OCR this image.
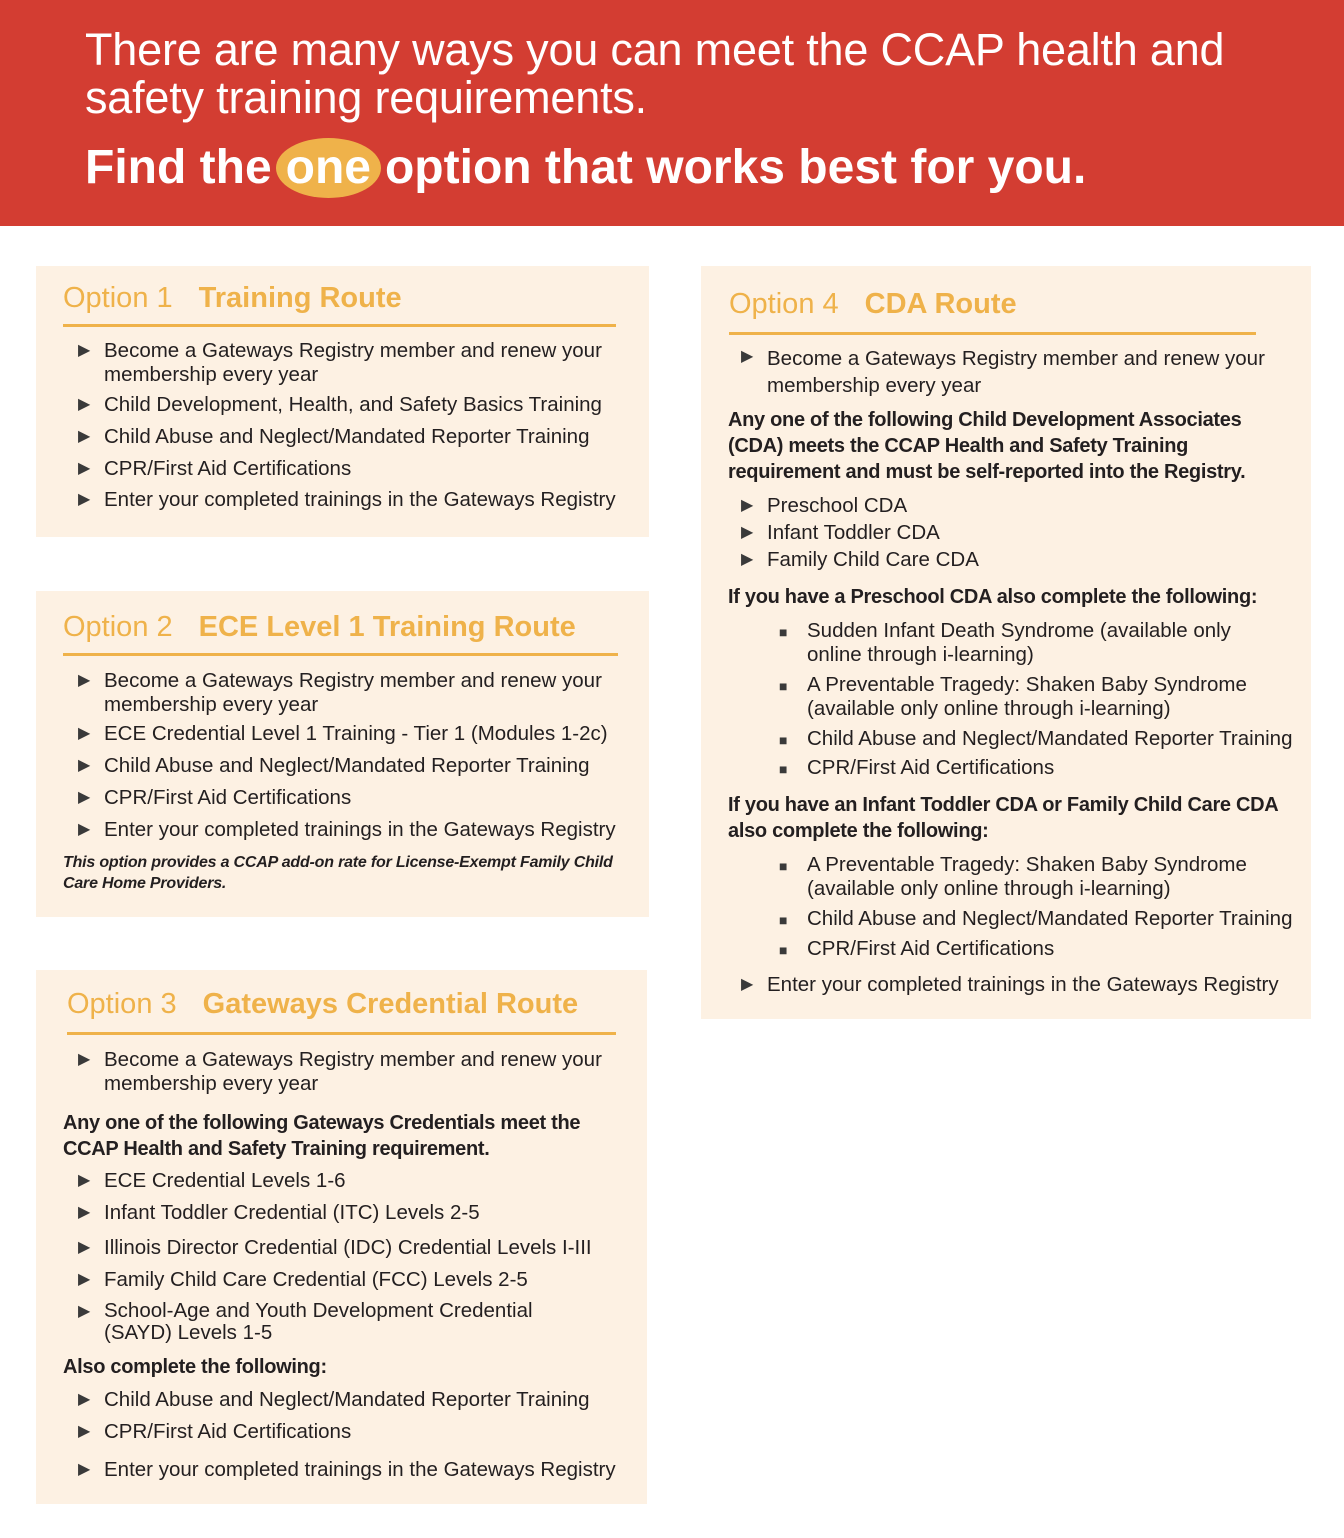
There are many ways you can meet the CCAP health and safety training requirements.
Find the one option that works best for you.
Option 1 Training Route
▶ Become a Gateways Registry member and renew your membership every year
▶ Child Development, Health, and Safety Basics Training
▶ Child Abuse and Neglect/Mandated Reporter Training
▶ CPR/First Aid Certifications
▶ Enter your completed trainings in the Gateways Registry
Option 2 ECE Level 1 Training Route
▶ Become a Gateways Registry member and renew your membership every year
▶ ECE Credential Level 1 Training - Tier 1 (Modules 1-2c)
▶ Child Abuse and Neglect/Mandated Reporter Training
▶ CPR/First Aid Certifications
▶ Enter your completed trainings in the Gateways Registry
This option provides a CCAP add-on rate for License-Exempt Family Child Care Home Providers.
Option 3 Gateways Credential Route
▶ Become a Gateways Registry member and renew your membership every year
Any one of the following Gateways Credentials meet the CCAP Health and Safety Training requirement.
▶ ECE Credential Levels 1-6
▶ Infant Toddler Credential (ITC) Levels 2-5
▶ Illinois Director Credential (IDC) Credential Levels I-III
▶ Family Child Care Credential (FCC) Levels 2-5
▶ School-Age and Youth Development Credential (SAYD) Levels 1-5
Also complete the following:
▶ Child Abuse and Neglect/Mandated Reporter Training
▶ CPR/First Aid Certifications
▶ Enter your completed trainings in the Gateways Registry
Option 4 CDA Route
▶ Become a Gateways Registry member and renew your membership every year
Any one of the following Child Development Associates (CDA) meets the CCAP Health and Safety Training requirement and must be self-reported into the Registry.
▶ Preschool CDA
▶ Infant Toddler CDA
▶ Family Child Care CDA
If you have a Preschool CDA also complete the following:
■ Sudden Infant Death Syndrome (available only online through i-learning)
■ A Preventable Tragedy: Shaken Baby Syndrome (available only online through i-learning)
■ Child Abuse and Neglect/Mandated Reporter Training
■ CPR/First Aid Certifications
If you have an Infant Toddler CDA or Family Child Care CDA also complete the following:
■ A Preventable Tragedy: Shaken Baby Syndrome (available only online through i-learning)
■ Child Abuse and Neglect/Mandated Reporter Training
■ CPR/First Aid Certifications
▶ Enter your completed trainings in the Gateways Registry
